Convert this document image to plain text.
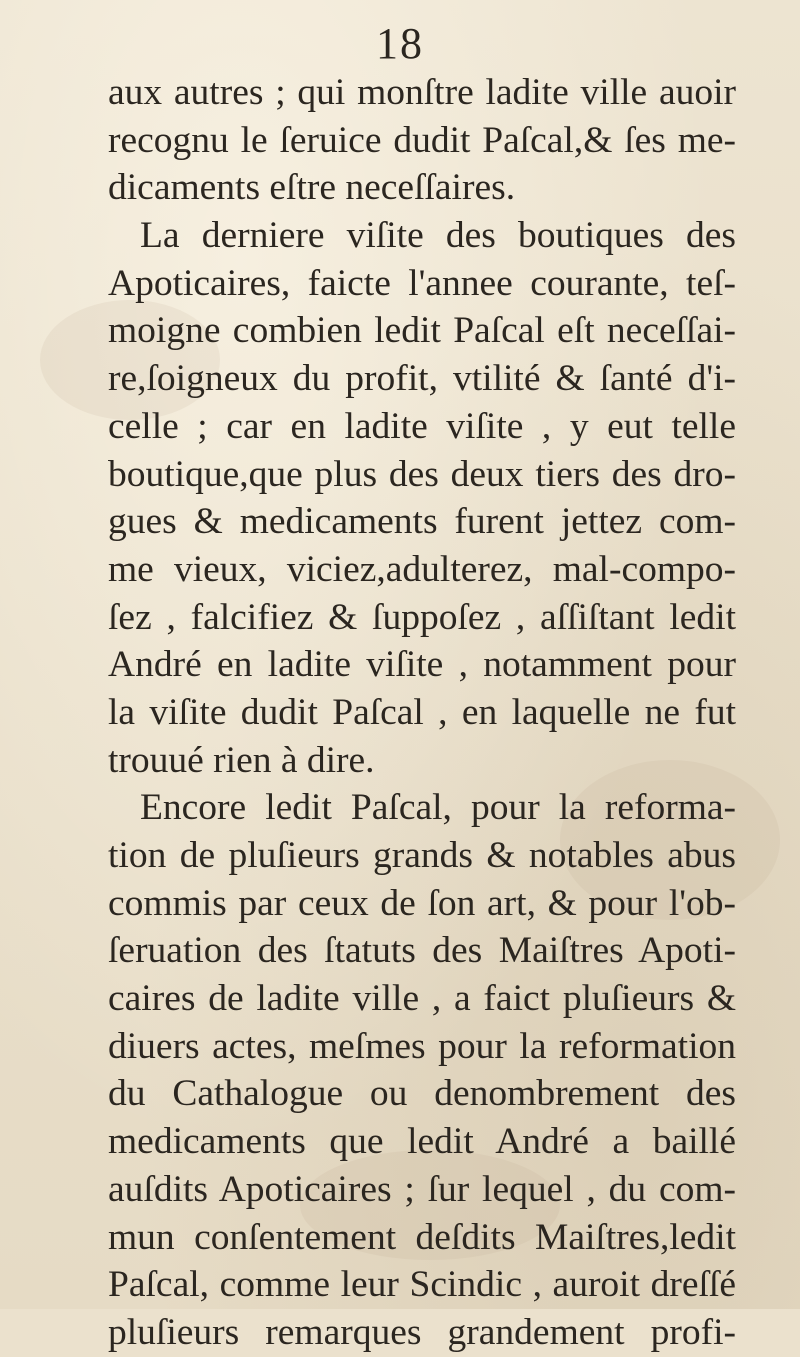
18
aux autres ; qui monſtre ladite ville auoir
recognu le ſeruice dudit Paſcal,& ſes me-
dicaments eſtre neceſſaires.
La derniere viſite des boutiques des
Apoticaires, faicte l'annee courante, teſ-
moigne combien ledit Paſcal eſt neceſſai-
re,ſoigneux du profit, vtilité & ſanté d'i-
celle ; car en ladite viſite , y eut telle
boutique,que plus des deux tiers des dro-
gues & medicaments furent jettez com-
me vieux, viciez,adulterez, mal-compo-
ſez , falcifiez & ſuppoſez , aſſiſtant ledit
André en ladite viſite , notamment pour
la viſite dudit Paſcal , en laquelle ne fut
trouué rien à dire.
Encore ledit Paſcal, pour la reforma-
tion de pluſieurs grands & notables abus
commis par ceux de ſon art, & pour l'ob-
ſeruation des ſtatuts des Maiſtres Apoti-
caires de ladite ville , a faict pluſieurs &
diuers actes, meſmes pour la reformation
du Cathalogue ou denombrement des
medicaments que ledit André a baillé
auſdits Apoticaires ; ſur lequel , du com-
mun conſentement deſdits Maiſtres,ledit
Paſcal, comme leur Scindic , auroit dreſſé
pluſieurs remarques grandement profi-
